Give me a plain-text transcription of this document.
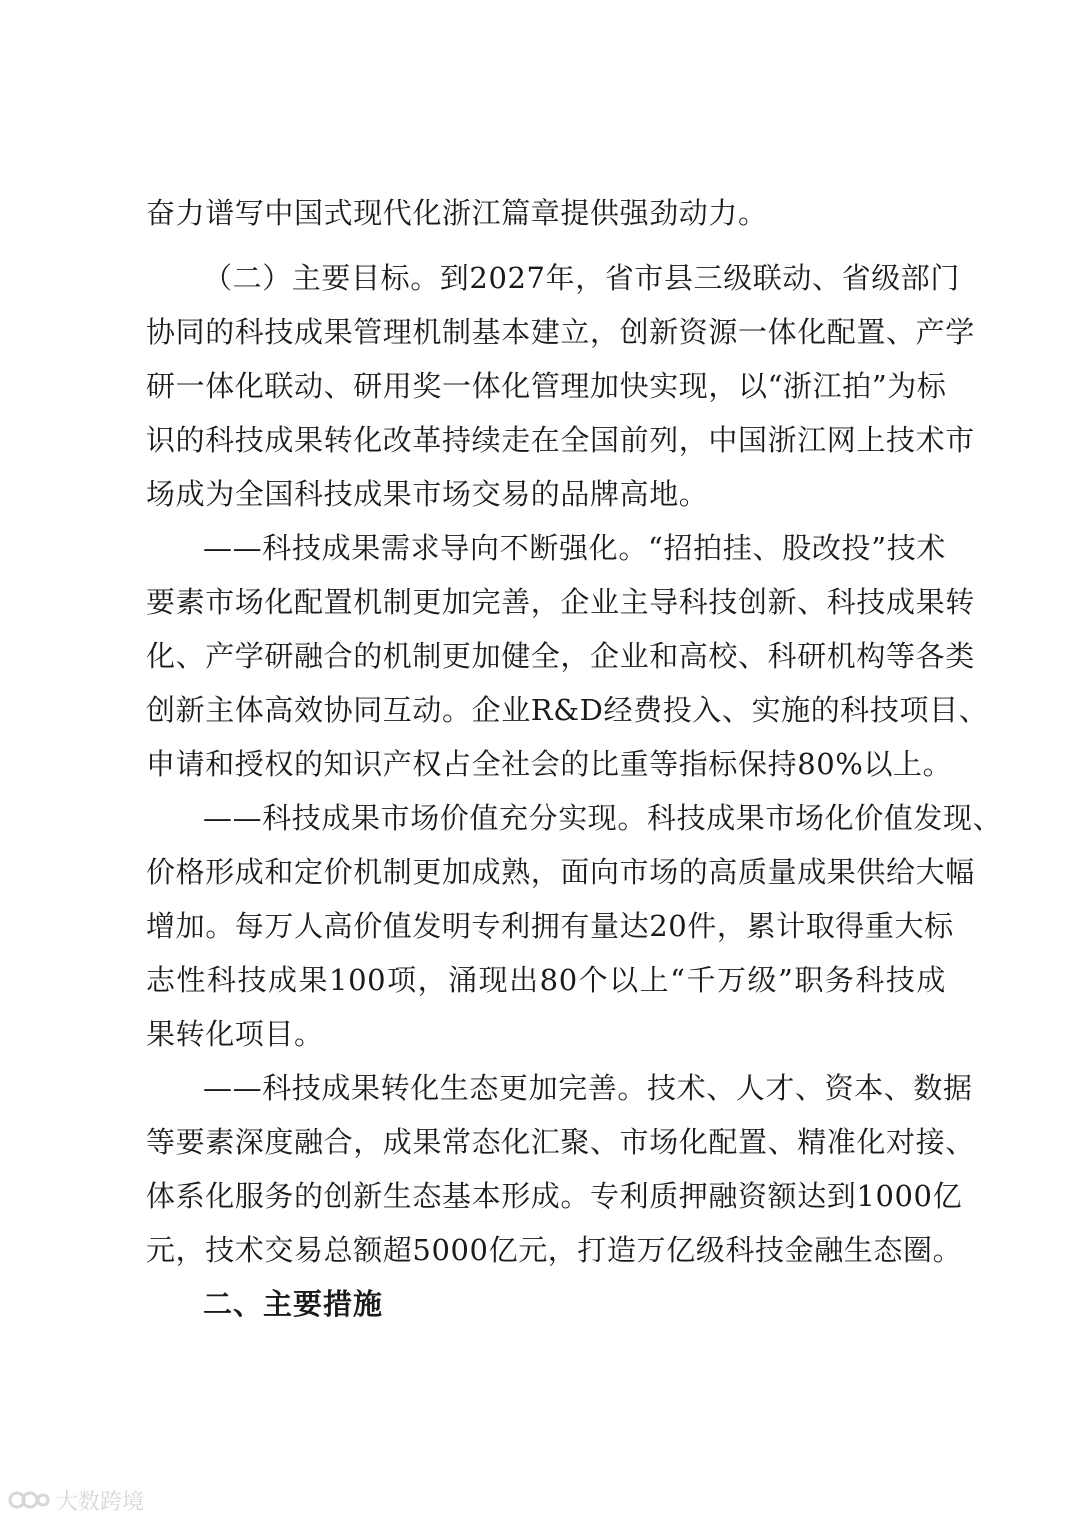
奋力谱写中国式现代化浙江篇章提供强劲动力。
（二）主要目标。到2027年，省市县三级联动、省级部门
协同的科技成果管理机制基本建立，创新资源一体化配置、产学
研一体化联动、研用奖一体化管理加快实现，以“浙江拍”为标
识的科技成果转化改革持续走在全国前列，中国浙江网上技术市
场成为全国科技成果市场交易的品牌高地。
——科技成果需求导向不断强化。“招拍挂、股改投”技术
要素市场化配置机制更加完善，企业主导科技创新、科技成果转
化、产学研融合的机制更加健全，企业和高校、科研机构等各类
创新主体高效协同互动。企业R&D经费投入、实施的科技项目、
申请和授权的知识产权占全社会的比重等指标保持80%以上。
——科技成果市场价值充分实现。科技成果市场化价值发现、
价格形成和定价机制更加成熟，面向市场的高质量成果供给大幅
增加。每万人高价值发明专利拥有量达20件，累计取得重大标
志性科技成果100项，涌现出80个以上“千万级”职务科技成
果转化项目。
——科技成果转化生态更加完善。技术、人才、资本、数据
等要素深度融合，成果常态化汇聚、市场化配置、精准化对接、
体系化服务的创新生态基本形成。专利质押融资额达到1000亿
元，技术交易总额超5000亿元，打造万亿级科技金融生态圈。
二、主要措施
大数跨境
